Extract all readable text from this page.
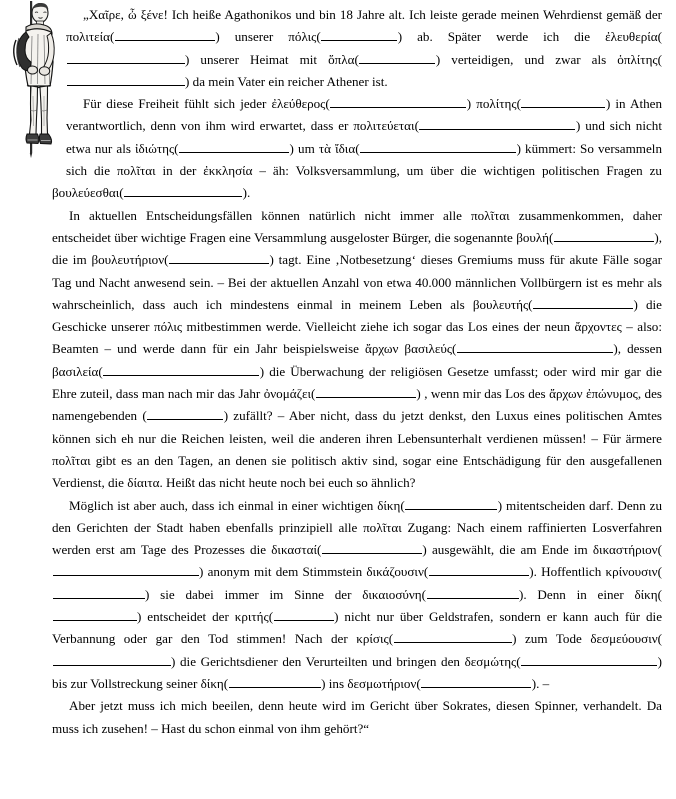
„Χαῖρε, ὦ ξένε! Ich heiße Agathonikos und bin 18 Jahre alt. Ich leiste gerade meinen Wehrdienst gemäß der πολιτεία(	) unserer πόλις(	) ab. Später werde ich die ἐλευθερία() unserer Heimat mit ὅπλα(	) verteidigen, und zwar als ὁπλίτης() da mein Vater ein reicher Athener ist.

Für diese Freiheit fühlt sich jeder ἐλεύθερος(	) πολίτης(	) in Athen verantwortlich, denn von ihm wird erwartet, dass er πολιτεύεται(	) und sich nicht etwa nur als ἰδιώτης(	) um τὰ ἴδια(	) kümmert: So versammeln sich die πολῖται in der ἐκκλησία – äh: Volksversammlung, um über die wichtigen politischen Fragen zu βουλεύεσθαι(	).

In aktuellen Entscheidungsfällen können natürlich nicht immer alle πολῖται zusammenkommen, daher entscheidet über wichtige Fragen eine Versammlung ausgeloster Bürger, die sogenannte βουλή(	), die im βουλευτήριον(	) tagt. Eine ‚Notbesetzung‘ dieses Gremiums muss für akute Fälle sogar Tag und Nacht anwesend sein. – Bei der aktuellen Anzahl von etwa 40.000 männlichen Vollbürgern ist es mehr als wahrscheinlich, dass auch ich mindestens einmal in meinem Leben als βουλευτής(	) die Geschicke unserer πόλις mitbestimmen werde. Vielleicht ziehe ich sogar das Los eines der neun ἄρχοντες – also: Beamten – und werde dann für ein Jahr beispielsweise ἄρχων βασιλεύς(	), dessen βασιλεία(	) die Überwachung der religiösen Gesetze umfasst; oder wird mir gar die Ehre zuteil, dass man nach mir das Jahr ὀνομάζει(	) , wenn mir das Los des ἄρχων ἐπώνυμος, des namengebenden (	) zufällt? – Aber nicht, dass du jetzt denkst, den Luxus eines politischen Amtes können sich eh nur die Reichen leisten, weil die anderen ihren Lebensunterhalt verdienen müssen! – Für ärmere πολῖται gibt es an den Tagen, an denen sie politisch aktiv sind, sogar eine Entschädigung für den ausgefallenen Verdienst, die δίαιτα. Heißt das nicht heute noch bei euch so ähnlich?

Möglich ist aber auch, dass ich einmal in einer wichtigen δίκη(	) mitentscheiden darf. Denn zu den Gerichten der Stadt haben ebenfalls prinzipiell alle πολῖται Zugang: Nach einem raffinierten Losverfahren werden erst am Tage des Prozesses die δικασταί(	) ausgewählt, die am Ende im δικαστήριον() anonym mit dem Stimmstein δικάζουσιν(	). Hoffentlich κρίνουσιν() sie dabei immer im Sinne der δικαιοσύνη(	). Denn in einer δίκη() entscheidet der κριτής(	) nicht nur über Geldstrafen, sondern er kann auch für die Verbannung oder gar den Tod stimmen! Nach der κρίσις(	) zum Tode δεσμεύουσιν() die Gerichtsdiener den Verurteilten und bringen den δεσμώτης(	) bis zur Vollstreckung seiner δίκη(	) ins δεσμωτήριον(	). –

Aber jetzt muss ich mich beeilen, denn heute wird im Gericht über Sokrates, diesen Spinner, verhandelt. Da muss ich zusehen! – Hast du schon einmal von ihm gehört?“
